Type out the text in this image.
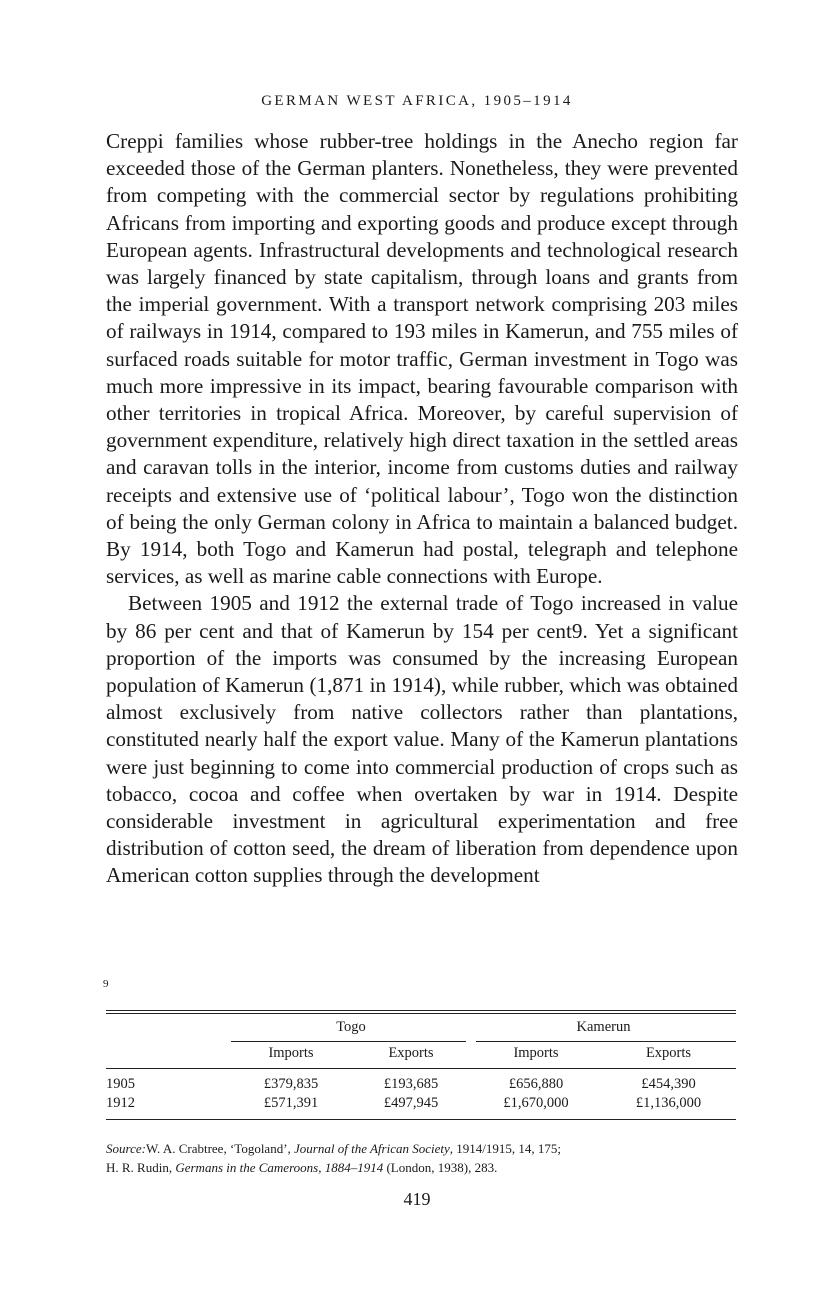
GERMAN WEST AFRICA, 1905–1914

Creppi families whose rubber-tree holdings in the Anecho region far exceeded those of the German planters. Nonetheless, they were prevented from competing with the commercial sector by regulations prohibiting Africans from importing and exporting goods and produce except through European agents. Infrastructural developments and technological research was largely financed by state capitalism, through loans and grants from the imperial government. With a transport network comprising 203 miles of railways in 1914, compared to 193 miles in Kamerun, and 755 miles of surfaced roads suitable for motor traffic, German investment in Togo was much more impressive in its impact, bearing favourable comparison with other territories in tropical Africa. Moreover, by careful supervision of government expenditure, relatively high direct taxation in the settled areas and caravan tolls in the interior, income from customs duties and railway receipts and extensive use of ‘political labour’, Togo won the distinction of being the only German colony in Africa to maintain a balanced budget. By 1914, both Togo and Kamerun had postal, telegraph and telephone services, as well as marine cable connections with Europe.

Between 1905 and 1912 the external trade of Togo increased in value by 86 per cent and that of Kamerun by 154 per cent9. Yet a significant proportion of the imports was consumed by the increasing European population of Kamerun (1,871 in 1914), while rubber, which was obtained almost exclusively from native collectors rather than plantations, constituted nearly half the export value. Many of the Kamerun plantations were just beginning to come into commercial production of crops such as tobacco, cocoa and coffee when overtaken by war in 1914. Despite considerable investment in agricultural experimentation and free distribution of cotton seed, the dream of liberation from dependence upon American cotton supplies through the development

9
Togo	Kamerun
Imports	Exports	Imports	Exports
1905	£379,835	£193,685	£656,880	£454,390
1912	£571,391	£497,945	£1,670,000	£1,136,000
Source:W. A. Crabtree, ‘Togoland’, Journal of the African Society, 1914/1915, 14, 175;
H. R. Rudin, Germans in the Cameroons, 1884–1914 (London, 1938), 283.
419
